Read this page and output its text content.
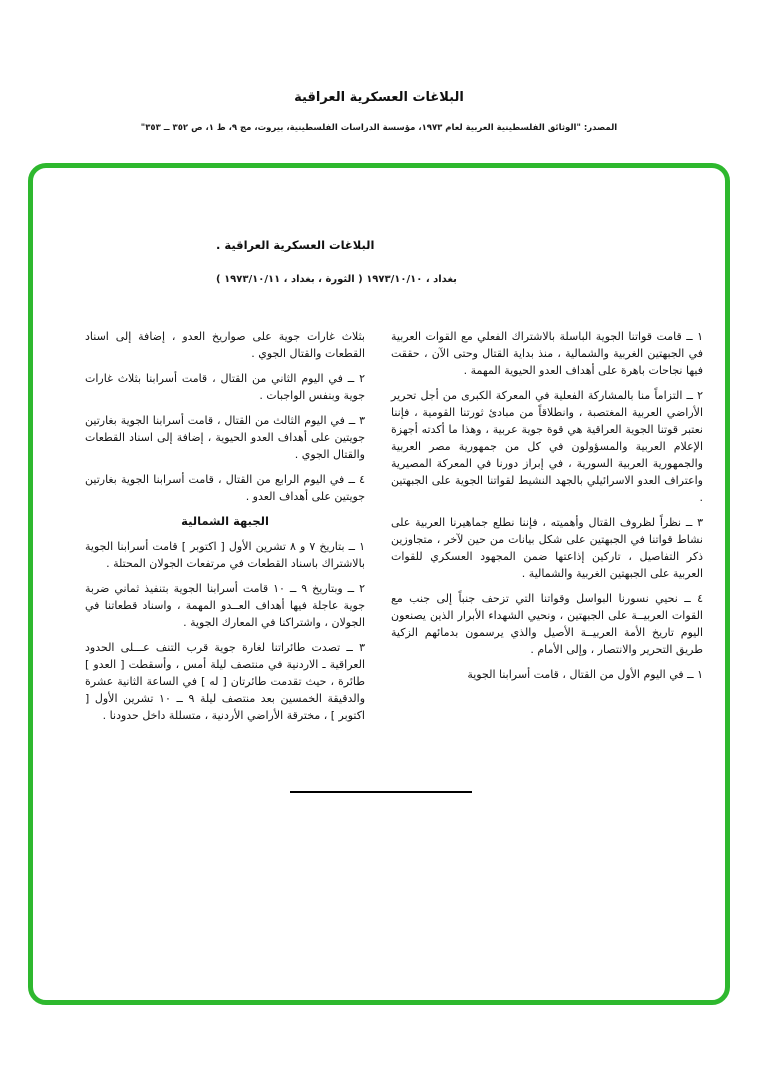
البلاغات العسكرية العراقية
المصدر: "الوثائق الفلسطينية العربية لعام ١٩٧٣، مؤسسة الدراسات الفلسطينية، بيروت، مج ٩، ط ١، ص ٣٥٢ ــ ٣٥٣"
البلاغات العسكرية العراقية .
بغداد ، ١٩٧٣/١٠/١٠ ( الثورة ، بغداد ، ١٩٧٣/١٠/١١ )

١ ــ قامت قواتنا الجوية الباسلة بالاشتراك الفعلي مع القوات العربية في الجبهتين الغربية والشمالية ، منذ بداية القتال وحتى الآن ، حققت فيها نجاحات باهرة على أهداف العدو الحيوية المهمة .

٢ ــ التزاماً منا بالمشاركة الفعلية في المعركة الكبرى من أجل تحرير الأراضي العربية المغتصبة ، وانطلاقاً من مبادئ ثورتنا القومية ، فإننا نعتبر قوتنا الجوية العراقية هي قوة جوية عربية ، وهذا ما أكدته أجهزة الإعلام العربية والمسؤولون في كل من جمهورية مصر العربية والجمهورية العربية السورية ، في إبراز دورنا في المعركة المصيرية واعتراف العدو الاسرائيلي بالجهد النشيط لقواتنا الجوية على الجبهتين .

٣ ــ نظراً لظروف القتال وأهميته ، فإننا نطلع جماهيرنا العربية على نشاط قواتنا في الجبهتين على شكل بيانات من حين لآخر ، متجاوزين ذكر التفاصيل ، تاركين إذاعتها ضمن المجهود العسكري للقوات العربية على الجبهتين الغربية والشمالية .

٤ ــ نحيي نسورنا البواسل وقواتنا التي تزحف جنباً إلى جنب مع القوات العربيــة على الجبهتين ، ونحيي الشهداء الأبرار الذين يصنعون اليوم تاريخ الأمة العربيــة الأصيل والذي يرسمون بدمائهم الزكية طريق التحرير والانتصار ، وإلى الأمام .

١ ــ في اليوم الأول من القتال ، قامت أسرابنا الجوية

بثلاث غارات جوية على صواريخ العدو ، إضافة إلى اسناد القطعات والقتال الجوي .

٢ ــ في اليوم الثاني من القتال ، قامت أسرابنا بثلاث غارات جوية وبنفس الواجبات .

٣ ــ في اليوم الثالث من القتال ، قامت أسرابنا الجوية بغارتين جويتين على أهداف العدو الحيوية ، إضافة إلى اسناد القطعات والقتال الجوي .

٤ ــ في اليوم الرابع من القتال ، قامت أسرابنا الجوية بغارتين جويتين على أهداف العدو .

الجبهة الشمالية

١ ــ بتاريخ ٧ و ٨ تشرين الأول [ اكتوبر ] قامت أسرابنا الجوية بالاشتراك باسناد القطعات في مرتفعات الجولان المحتلة .

٢ ــ وبتاريخ ٩ ــ ١٠ قامت أسرابنا الجوية بتنفيذ ثماني ضربة جوية عاجلة فيها أهداف العــدو المهمة ، واسناد قطعاتنا في الجولان ، واشتراكنا في المعارك الجوية .

٣ ــ تصدت طائراتنا لغارة جوية قرب التنف عـــلى الحدود العراقية ـ الاردنية في منتصف ليلة أمس ، وأسقطت [ العدو ] طائرة ، حيث تقدمت طائرتان [ له ] في الساعة الثانية عشرة والدقيقة الخمسين بعد منتصف ليلة ٩ ــ ١٠ تشرين الأول [ اكتوبر ] ، مخترقة الأراضي الأردنية ، متسللة داخل حدودنا .
